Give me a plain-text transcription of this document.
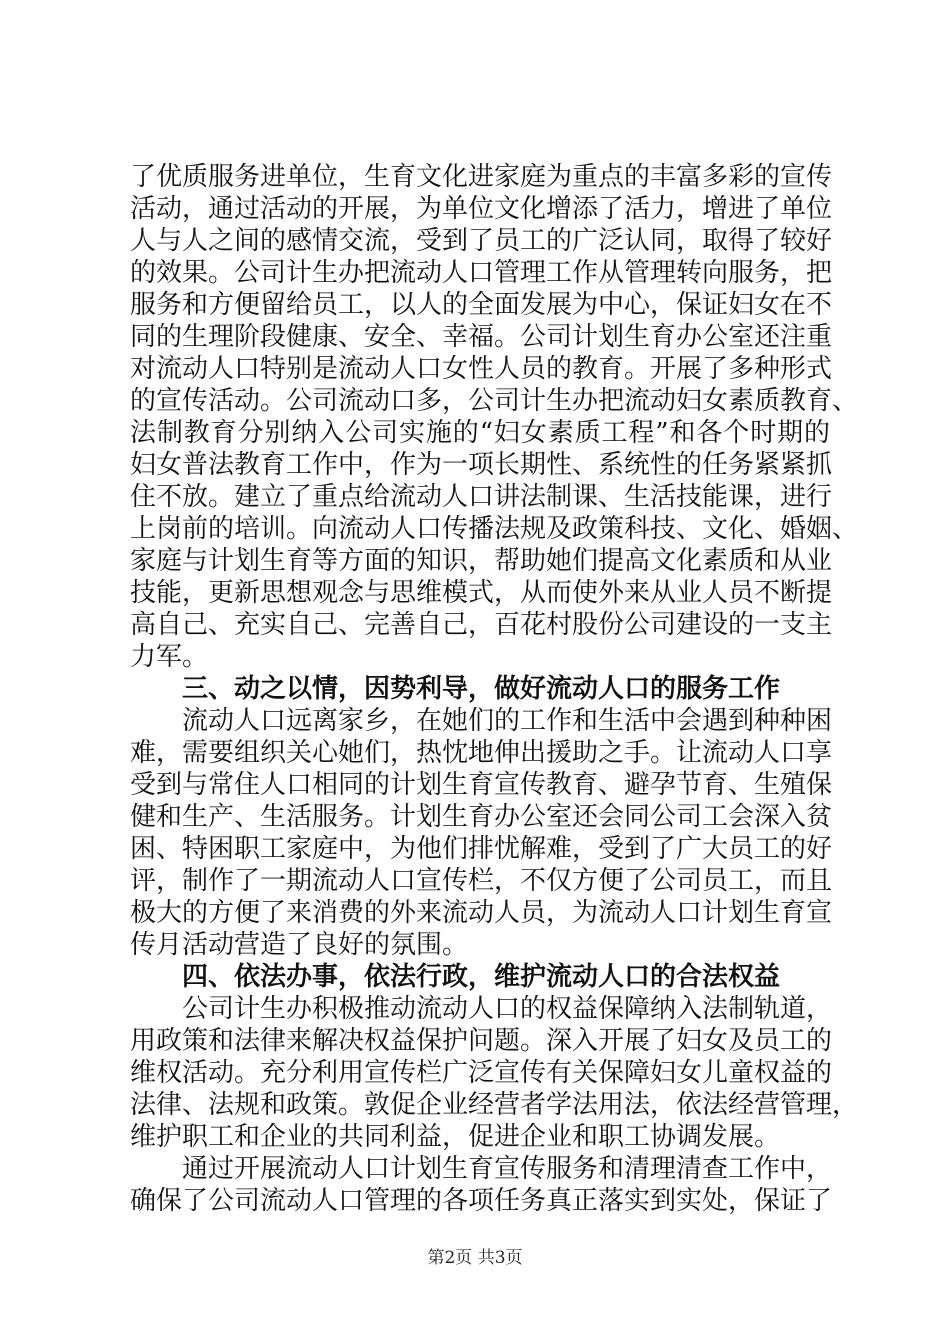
了优质服务进单位，生育文化进家庭为重点的丰富多彩的宣传
活动，通过活动的开展，为单位文化增添了活力，增进了单位
人与人之间的感情交流，受到了员工的广泛认同，取得了较好
的效果。公司计生办把流动人口管理工作从管理转向服务，把
服务和方便留给员工，以人的全面发展为中心，保证妇女在不
同的生理阶段健康、安全、幸福。公司计划生育办公室还注重
对流动人口特别是流动人口女性人员的教育。开展了多种形式
的宣传活动。公司流动口多，公司计生办把流动妇女素质教育、
法制教育分别纳入公司实施的“妇女素质工程”和各个时期的
妇女普法教育工作中，作为一项长期性、系统性的任务紧紧抓
住不放。建立了重点给流动人口讲法制课、生活技能课，进行
上岗前的培训。向流动人口传播法规及政策科技、文化、婚姻、
家庭与计划生育等方面的知识，帮助她们提高文化素质和从业
技能，更新思想观念与思维模式，从而使外来从业人员不断提
高自己、充实自己、完善自己，百花村股份公司建设的一支主
力军。
三、动之以情，因势利导，做好流动人口的服务工作
流动人口远离家乡，在她们的工作和生活中会遇到种种困
难，需要组织关心她们，热忱地伸出援助之手。让流动人口享
受到与常住人口相同的计划生育宣传教育、避孕节育、生殖保
健和生产、生活服务。计划生育办公室还会同公司工会深入贫
困、特困职工家庭中，为他们排忧解难，受到了广大员工的好
评，制作了一期流动人口宣传栏，不仅方便了公司员工，而且
极大的方便了来消费的外来流动人员，为流动人口计划生育宣
传月活动营造了良好的氛围。
四、依法办事，依法行政，维护流动人口的合法权益
公司计生办积极推动流动人口的权益保障纳入法制轨道，
用政策和法律来解决权益保护问题。深入开展了妇女及员工的
维权活动。充分利用宣传栏广泛宣传有关保障妇女儿童权益的
法律、法规和政策。敦促企业经营者学法用法，依法经营管理，
维护职工和企业的共同利益，促进企业和职工协调发展。
通过开展流动人口计划生育宣传服务和清理清查工作中，
确保了公司流动人口管理的各项任务真正落实到实处，保证了
第2页 共3页
